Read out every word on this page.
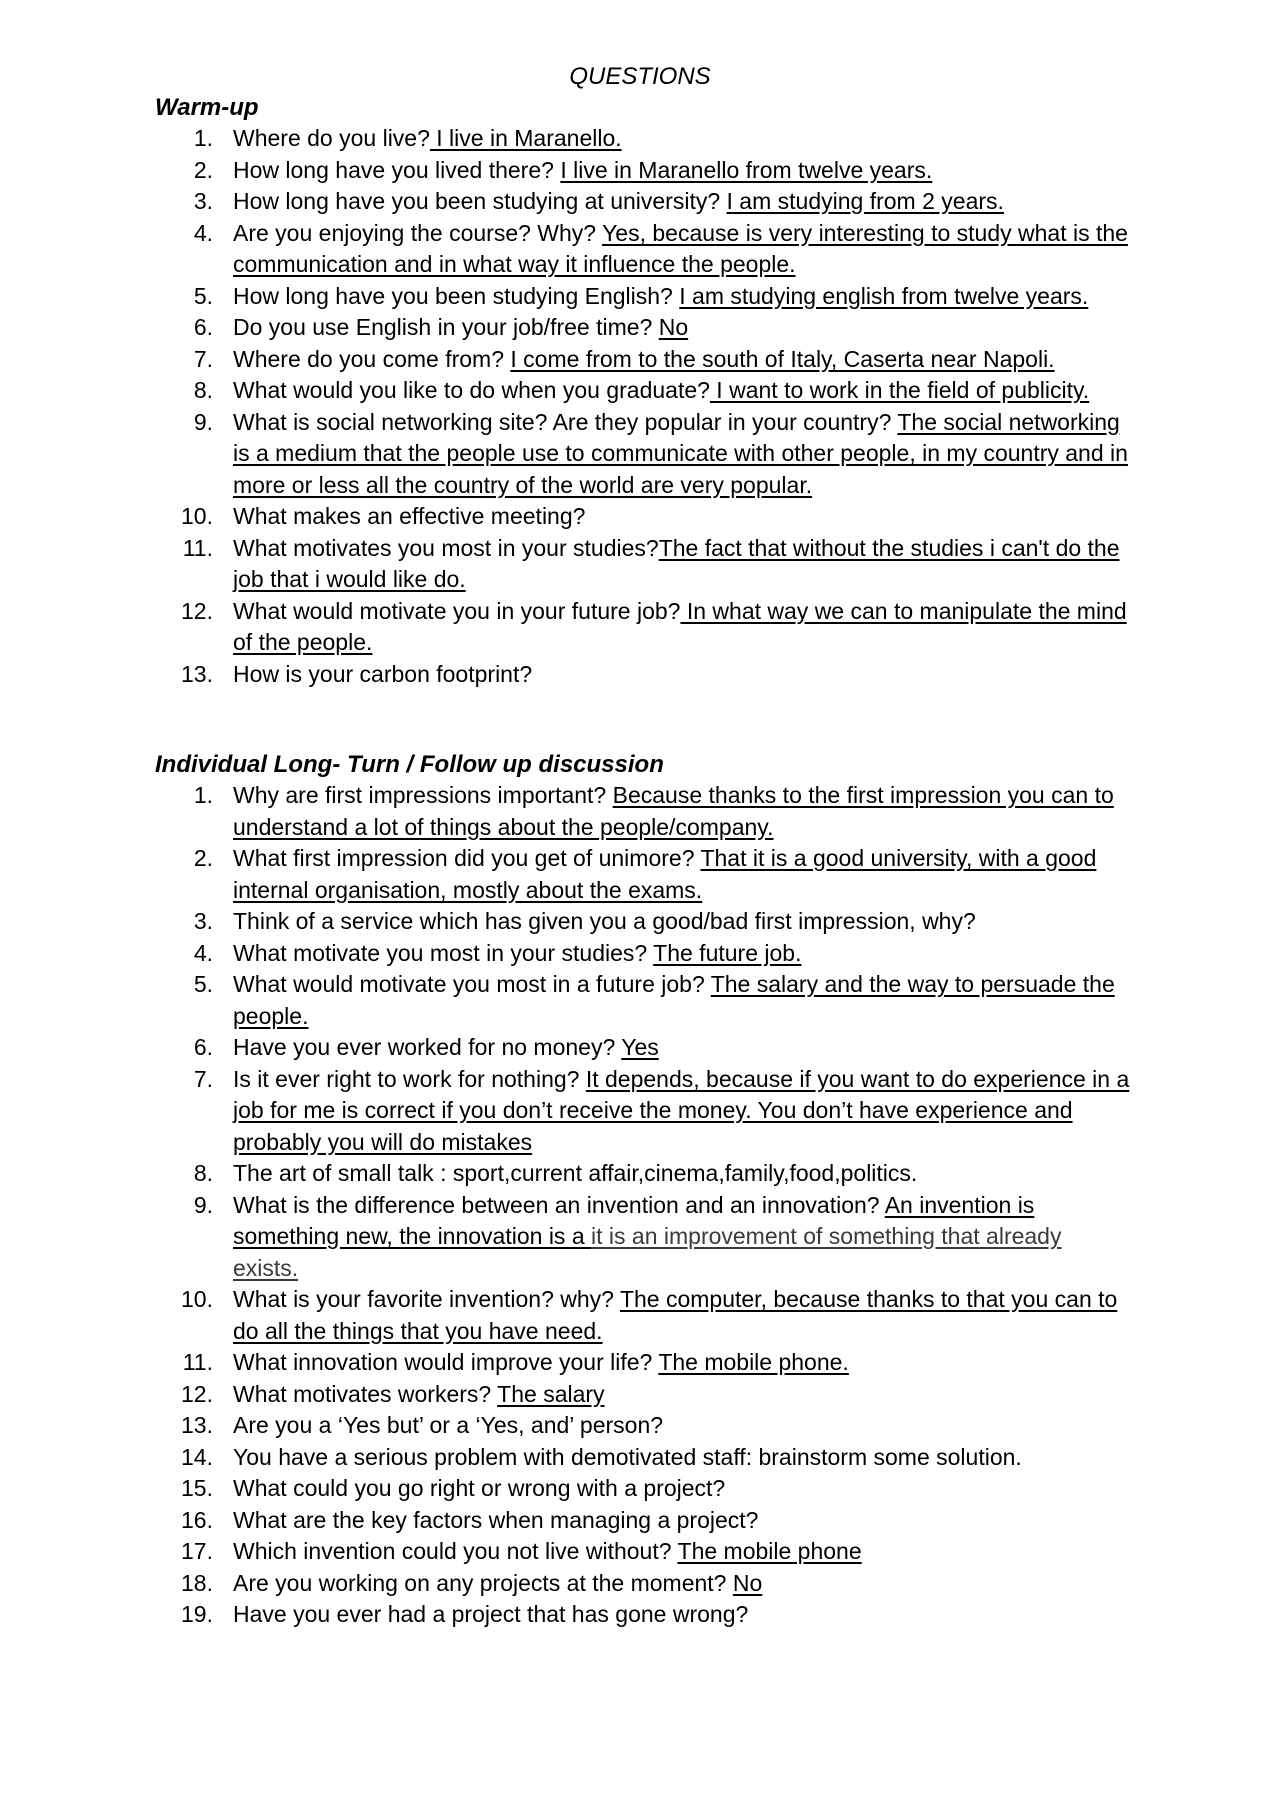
QUESTIONS
Warm-up
1. Where do you live? I live in Maranello.
2. How long have you lived there? I live in Maranello from twelve years.
3. How long have you been studying at university? I am studying from 2 years.
4. Are you enjoying the course? Why? Yes, because is very interesting to study what is the communication and in what way it influence the people.
5. How long have you been studying English? I am studying english from twelve years.
6. Do you use English in your job/free time? No
7. Where do you come from? I come from to the south of Italy, Caserta near Napoli.
8. What would you like to do when you graduate? I want to work in the field of publicity.
9. What is social networking site? Are they popular in your country? The social networking is a medium that the people use to communicate with other people, in my country and in more or less all the country of the world are very popular.
10. What makes an effective meeting?
11. What motivates you most in your studies?The fact that without the studies i can't do the job that i would like do.
12. What would motivate you in your future job? In what way we can to manipulate the mind of the people.
13. How is your carbon footprint?
Individual Long- Turn / Follow up discussion
1. Why are first impressions important? Because thanks to the first impression you can to understand a lot of things about the people/company.
2. What first impression did you get of unimore? That it is a good university, with a good internal organisation, mostly about the exams.
3. Think of a service which has given you a good/bad first impression, why?
4. What motivate you most in your studies? The future job.
5. What would motivate you most in a future job? The salary and the way to persuade the people.
6. Have you ever worked for no money? Yes
7. Is it ever right to work for nothing? It depends, because if you want to do experience in a job for me is correct if you don’t receive the money. You don’t have experience and probably you will do mistakes
8. The art of small talk : sport,current affair,cinema,family,food,politics.
9. What is the difference between an invention and an innovation? An invention is something new, the innovation is a it is an improvement of something that already exists.
10. What is your favorite invention? why? The computer, because thanks to that you can to do all the things that you have need.
11. What innovation would improve your life? The mobile phone.
12. What motivates workers? The salary
13. Are you a ‘Yes but’ or a ‘Yes, and’ person?
14. You have a serious problem with demotivated staff: brainstorm some solution.
15. What could you go right or wrong with a project?
16. What are the key factors when managing a project?
17. Which invention could you not live without? The mobile phone
18. Are you working on any projects at the moment? No
19. Have you ever had a project that has gone wrong?
